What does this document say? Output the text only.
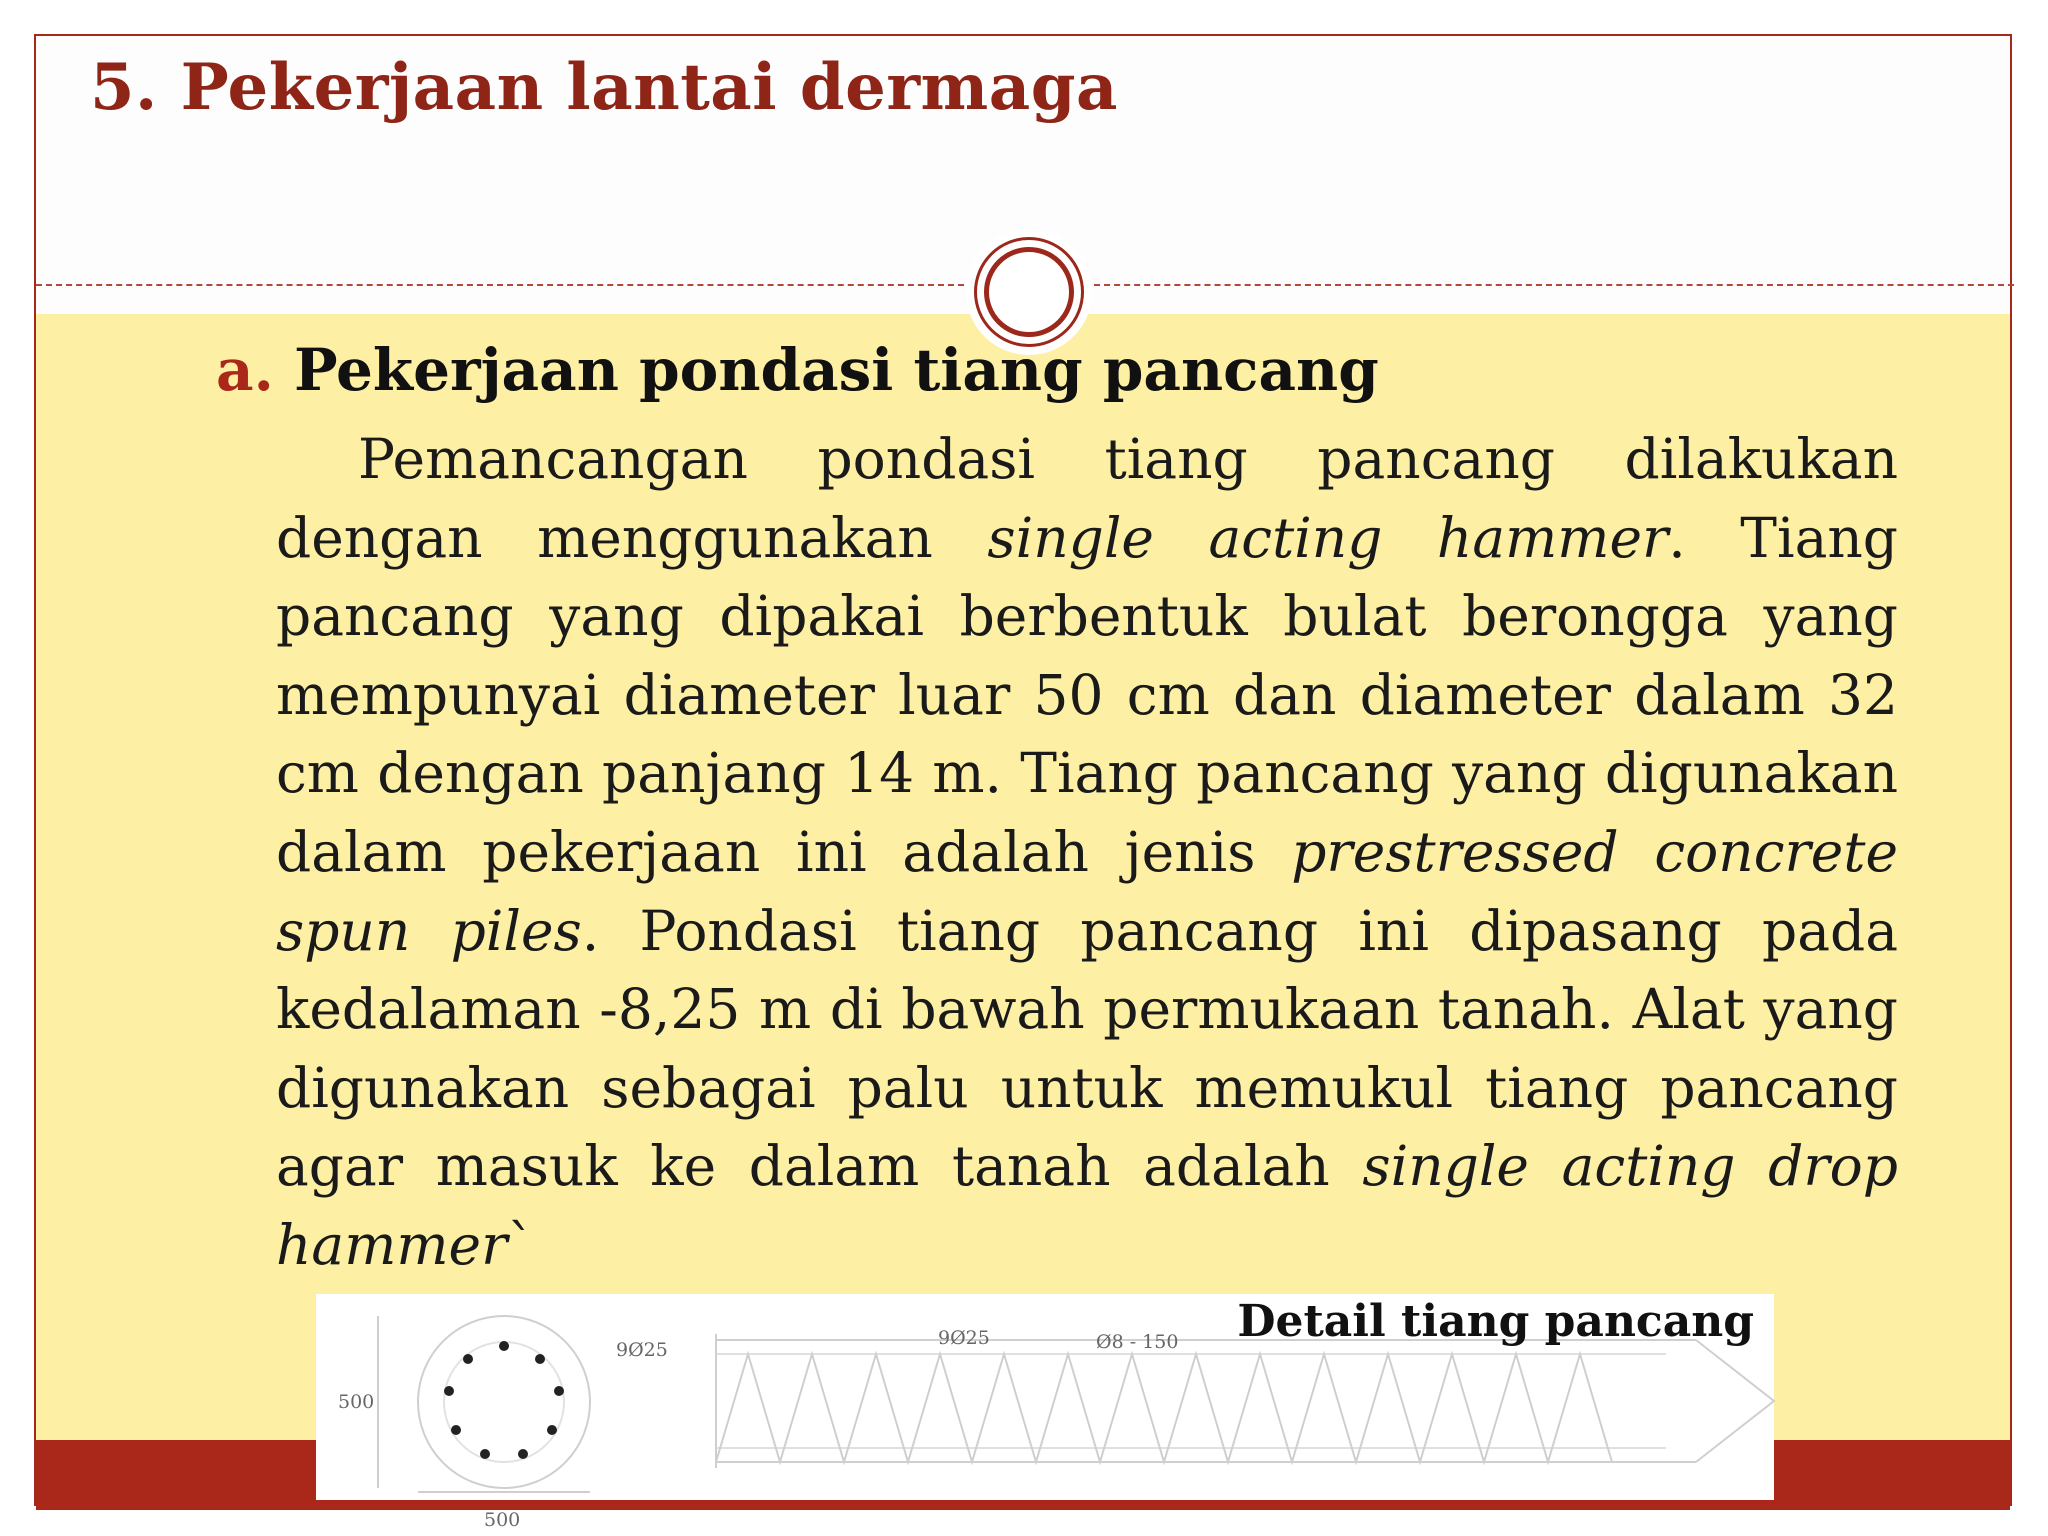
5. Pekerjaan lantai dermaga
a. Pekerjaan pondasi tiang pancang

Pemancangan pondasi tiang pancang dilakukan dengan menggunakan single acting hammer. Tiang pancang yang dipakai berbentuk bulat berongga yang mempunyai diameter luar 50 cm dan diameter dalam 32 cm dengan panjang 14 m. Tiang pancang yang digunakan dalam pekerjaan ini adalah jenis prestressed concrete spun piles. Pondasi tiang pancang ini dipasang pada kedalaman -8,25 m di bawah permukaan tanah. Alat yang digunakan sebagai palu untuk memukul tiang pancang agar masuk ke dalam tanah adalah single acting drop hammer`

9Ø25
9Ø25	Ø8 - 150
500
500
Detail tiang pancang
